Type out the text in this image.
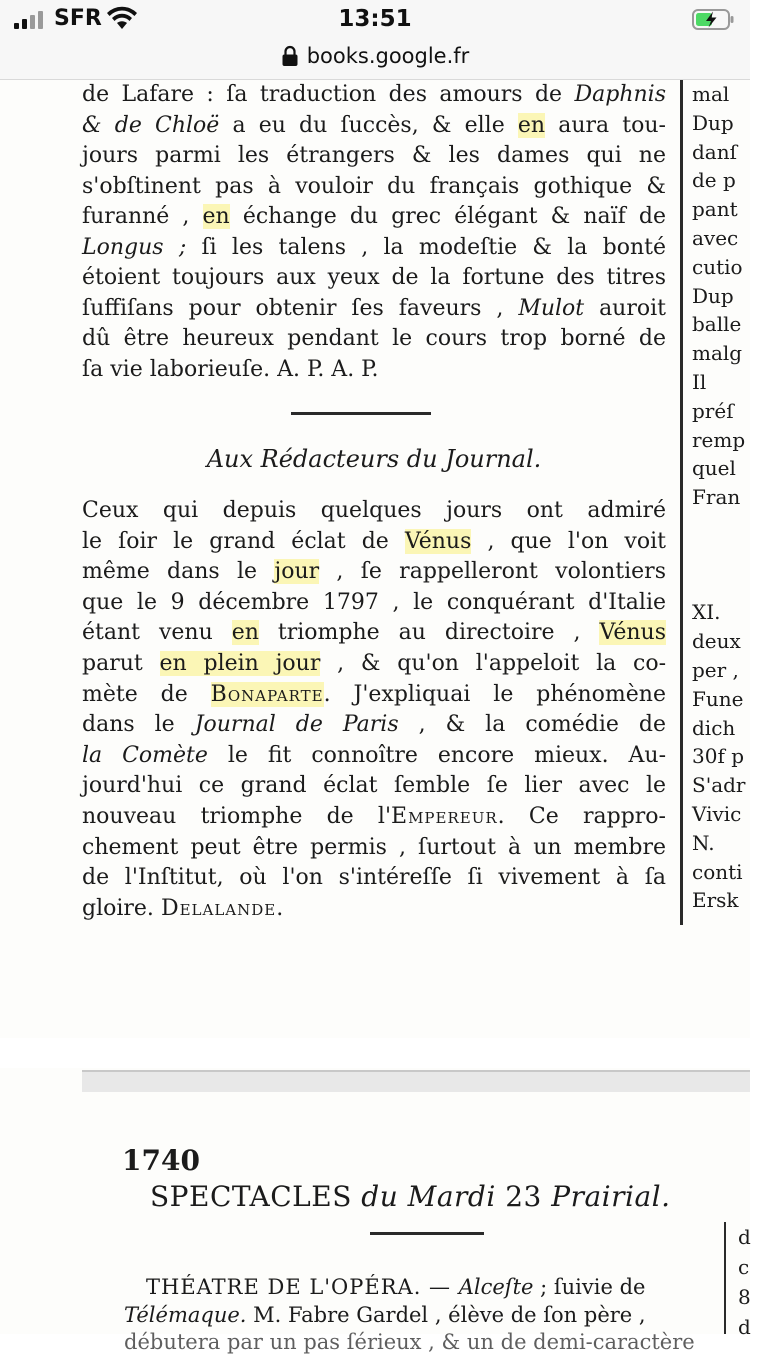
SFR	13:51
books.google.fr
de Lafare : ſa traduction des amours de Daphnis
& de Chloë a eu du ſuccès, & elle en aura tou-
jours parmi les étrangers & les dames qui ne
s'obſtinent pas à vouloir du français gothique &
furanné , en échange du grec élégant & naïf de
Longus ; ſi les talens , la modeſtie & la bonté
étoient toujours aux yeux de la fortune des titres
ſuffiſans pour obtenir ſes faveurs , Mulot auroit
dû être heureux pendant le cours trop borné de
ſa vie laborieuſe. A. P. A. P.
Aux Rédacteurs du Journal.
Ceux qui depuis quelques jours ont admiré
le ſoir le grand éclat de Vénus , que l'on voit
même dans le jour , ſe rappelleront volontiers
que le 9 décembre 1797 , le conquérant d'Italie
étant venu en triomphe au directoire , Vénus
parut en plein jour , & qu'on l'appeloit la co-
mète de Bonaparte. J'expliquai le phénomène
dans le Journal de Paris , & la comédie de
la Comète le fit connoître encore mieux. Au-
jourd'hui ce grand éclat ſemble ſe lier avec le
nouveau triomphe de l'Empereur. Ce rappro-
chement peut être permis , ſurtout à un membre
de l'Inſtitut, où l'on s'intéreſſe ſi vivement à ſa
gloire. Delalande.
mal
Dup
danſ
de p
pant
avec
cutio
Dup
balle
malg
Il
préſ
remp
quel
Fran
XI.
deux
per ,
Fune
dich
30f p
S'adr
Vivic
N.
conti
Ersk
1740
SPECTACLES du Mardi 23 Prairial.
THÉATRE DE L'OPÉRA. — Alceſte ; ſuivie de
Télémaque. M. Fabre Gardel , élève de ſon père ,
débutera par un pas ſérieux , & un de demi-caractère
d
c
8
d
